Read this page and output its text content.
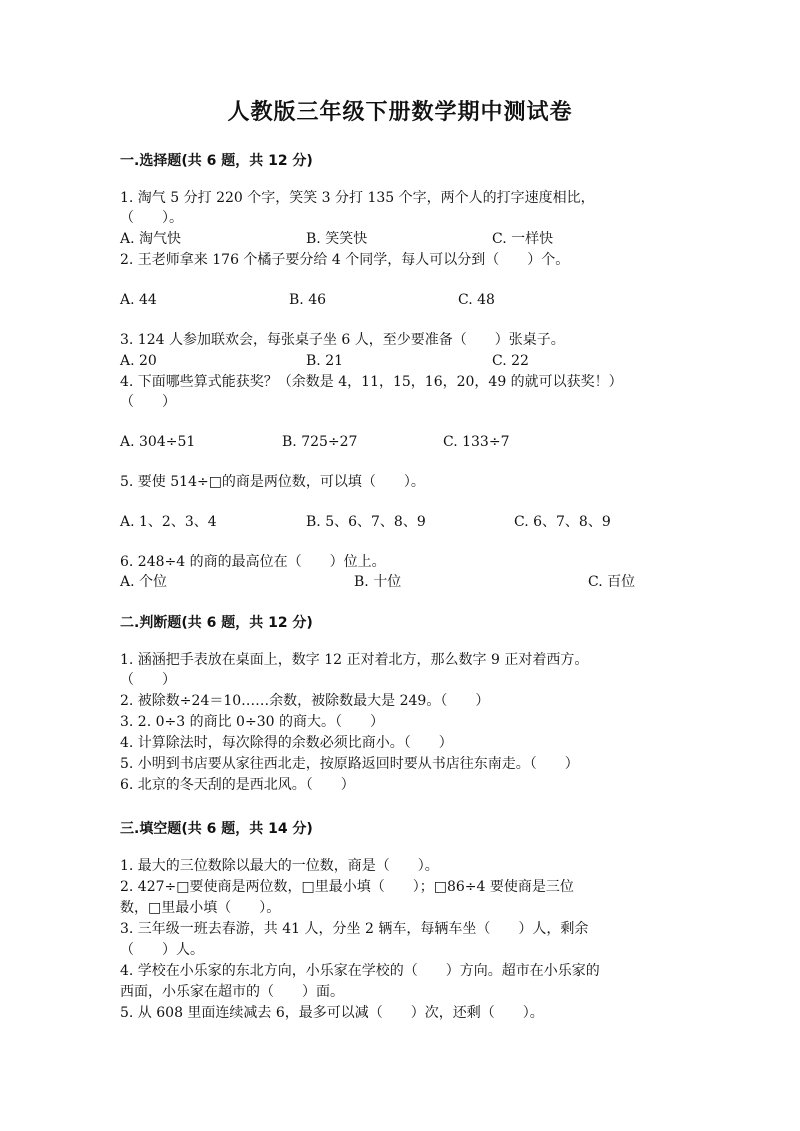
人教版三年级下册数学期中测试卷
一.选择题(共 6 题，共 12 分)
1. 淘气 5 分打 220 个字，笑笑 3 分打 135 个字，两个人的打字速度相比，
（　　）。
A. 淘气快	B. 笑笑快	C. 一样快
2. 王老师拿来 176 个橘子要分给 4 个同学，每人可以分到（　　）个。
A. 44	B. 46	C. 48
3. 124 人参加联欢会，每张桌子坐 6 人，至少要准备（　　）张桌子。
A. 20	B. 21	C. 22
4. 下面哪些算式能获奖？（余数是 4，11，15，16，20，49 的就可以获奖！）
（　　）
A. 304÷51	B. 725÷27	C. 133÷7
5. 要使 514÷□的商是两位数，可以填（　　）。
A. 1、2、3、4	B. 5、6、7、8、9	C. 6、7、8、9
6. 248÷4 的商的最高位在（　　）位上。
A. 个位	B. 十位	C. 百位
二.判断题(共 6 题，共 12 分)
1. 涵涵把手表放在桌面上，数字 12 正对着北方，那么数字 9 正对着西方。
（　　）
2. 被除数÷24＝10……余数，被除数最大是 249。（　　）
3. 2. 0÷3 的商比 0÷30 的商大。（　　）
4. 计算除法时，每次除得的余数必须比商小。（　　）
5. 小明到书店要从家往西北走，按原路返回时要从书店往东南走。（　　）
6. 北京的冬天刮的是西北风。（　　）
三.填空题(共 6 题，共 14 分)
1. 最大的三位数除以最大的一位数，商是（　　）。
2. 427÷□要使商是两位数，□里最小填（　　）；□86÷4 要使商是三位
数，□里最小填（　　）。
3. 三年级一班去春游，共 41 人，分坐 2 辆车，每辆车坐（　　）人，剩余
（　　）人。
4. 学校在小乐家的东北方向，小乐家在学校的（　　）方向。超市在小乐家的
西面，小乐家在超市的（　　）面。
5. 从 608 里面连续减去 6，最多可以减（　　）次，还剩（　　）。
